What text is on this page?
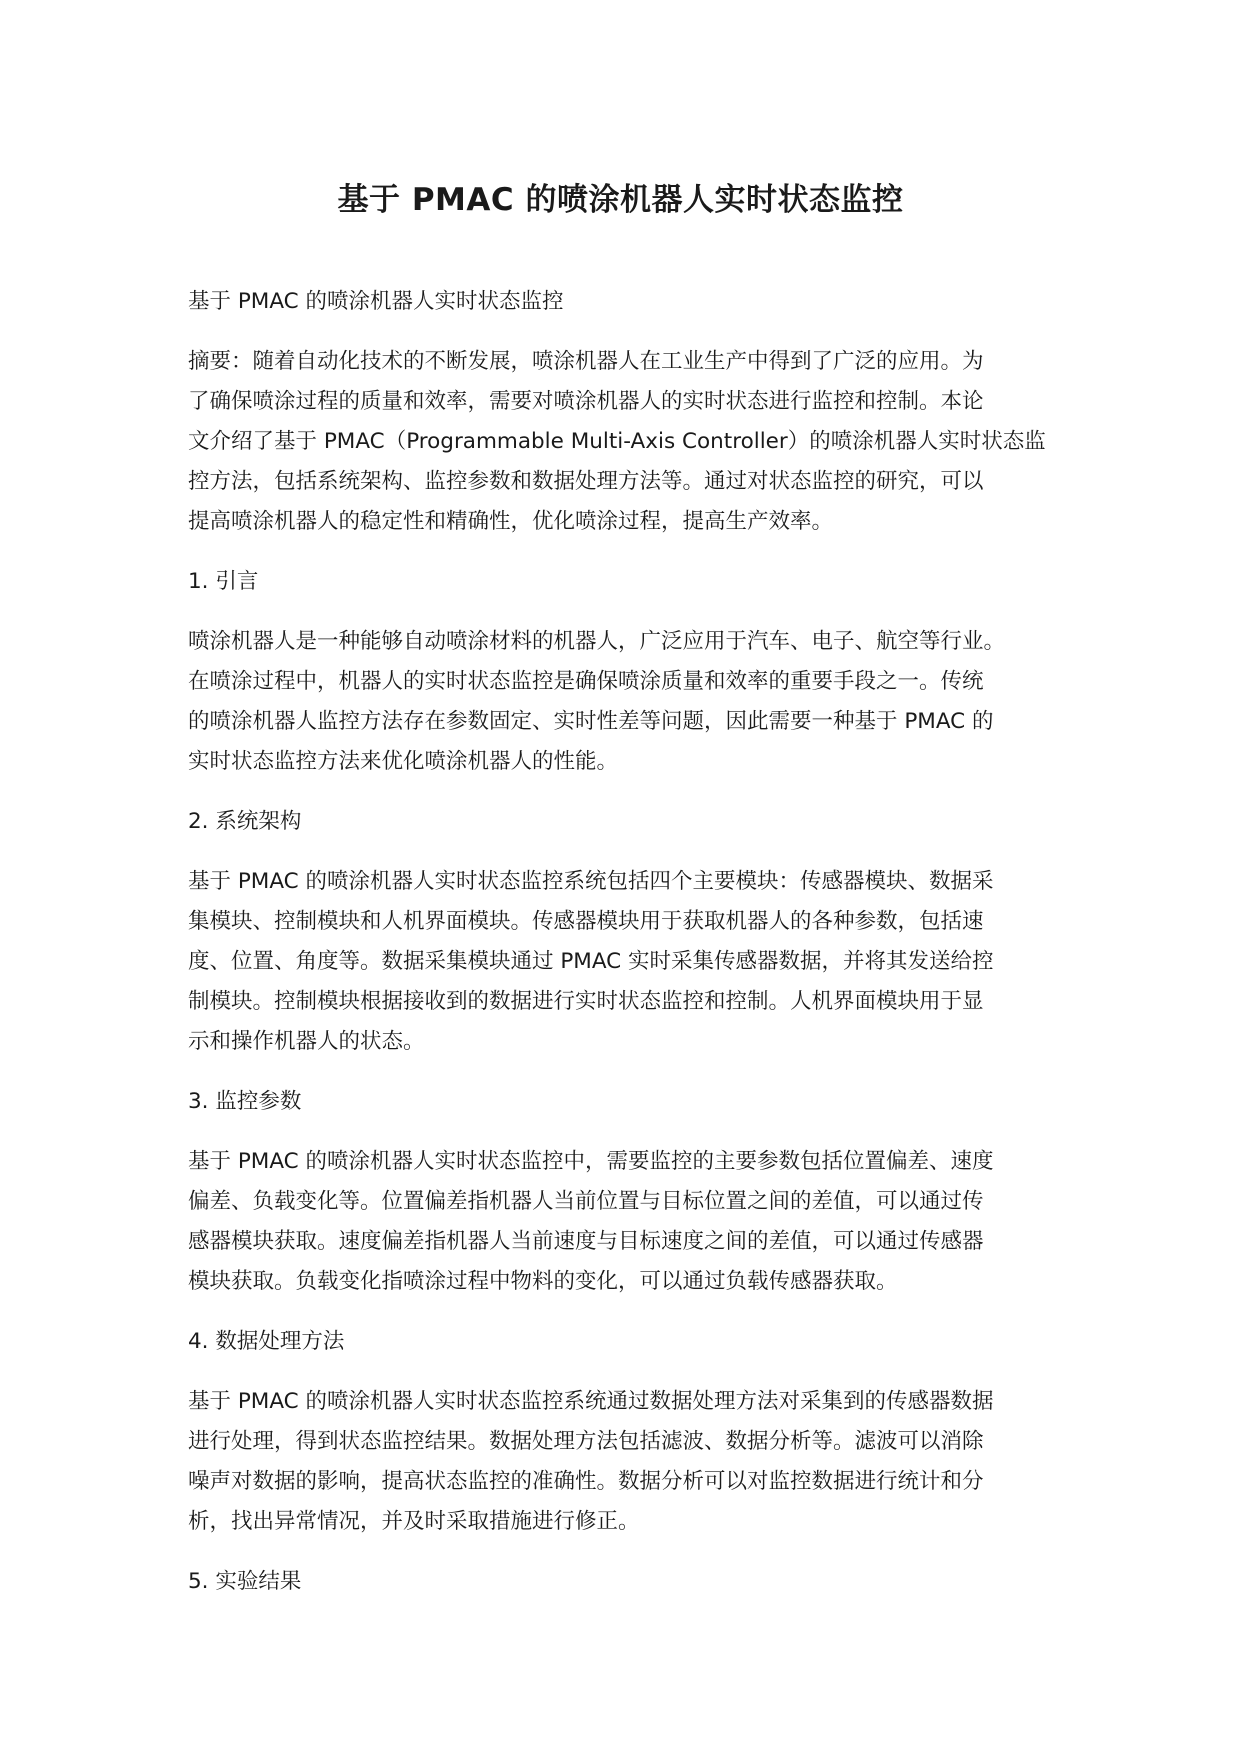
基于 PMAC 的喷涂机器人实时状态监控

基于 PMAC 的喷涂机器人实时状态监控

摘要：随着自动化技术的不断发展，喷涂机器人在工业生产中得到了广泛的应用。为
了确保喷涂过程的质量和效率，需要对喷涂机器人的实时状态进行监控和控制。本论
文介绍了基于 PMAC（Programmable Multi-Axis Controller）的喷涂机器人实时状态监
控方法，包括系统架构、监控参数和数据处理方法等。通过对状态监控的研究，可以
提高喷涂机器人的稳定性和精确性，优化喷涂过程，提高生产效率。

1. 引言

喷涂机器人是一种能够自动喷涂材料的机器人，广泛应用于汽车、电子、航空等行业。
在喷涂过程中，机器人的实时状态监控是确保喷涂质量和效率的重要手段之一。传统
的喷涂机器人监控方法存在参数固定、实时性差等问题，因此需要一种基于 PMAC 的
实时状态监控方法来优化喷涂机器人的性能。

2. 系统架构

基于 PMAC 的喷涂机器人实时状态监控系统包括四个主要模块：传感器模块、数据采
集模块、控制模块和人机界面模块。传感器模块用于获取机器人的各种参数，包括速
度、位置、角度等。数据采集模块通过 PMAC 实时采集传感器数据，并将其发送给控
制模块。控制模块根据接收到的数据进行实时状态监控和控制。人机界面模块用于显
示和操作机器人的状态。

3. 监控参数

基于 PMAC 的喷涂机器人实时状态监控中，需要监控的主要参数包括位置偏差、速度
偏差、负载变化等。位置偏差指机器人当前位置与目标位置之间的差值，可以通过传
感器模块获取。速度偏差指机器人当前速度与目标速度之间的差值，可以通过传感器
模块获取。负载变化指喷涂过程中物料的变化，可以通过负载传感器获取。

4. 数据处理方法

基于 PMAC 的喷涂机器人实时状态监控系统通过数据处理方法对采集到的传感器数据
进行处理，得到状态监控结果。数据处理方法包括滤波、数据分析等。滤波可以消除
噪声对数据的影响，提高状态监控的准确性。数据分析可以对监控数据进行统计和分
析，找出异常情况，并及时采取措施进行修正。

5. 实验结果
